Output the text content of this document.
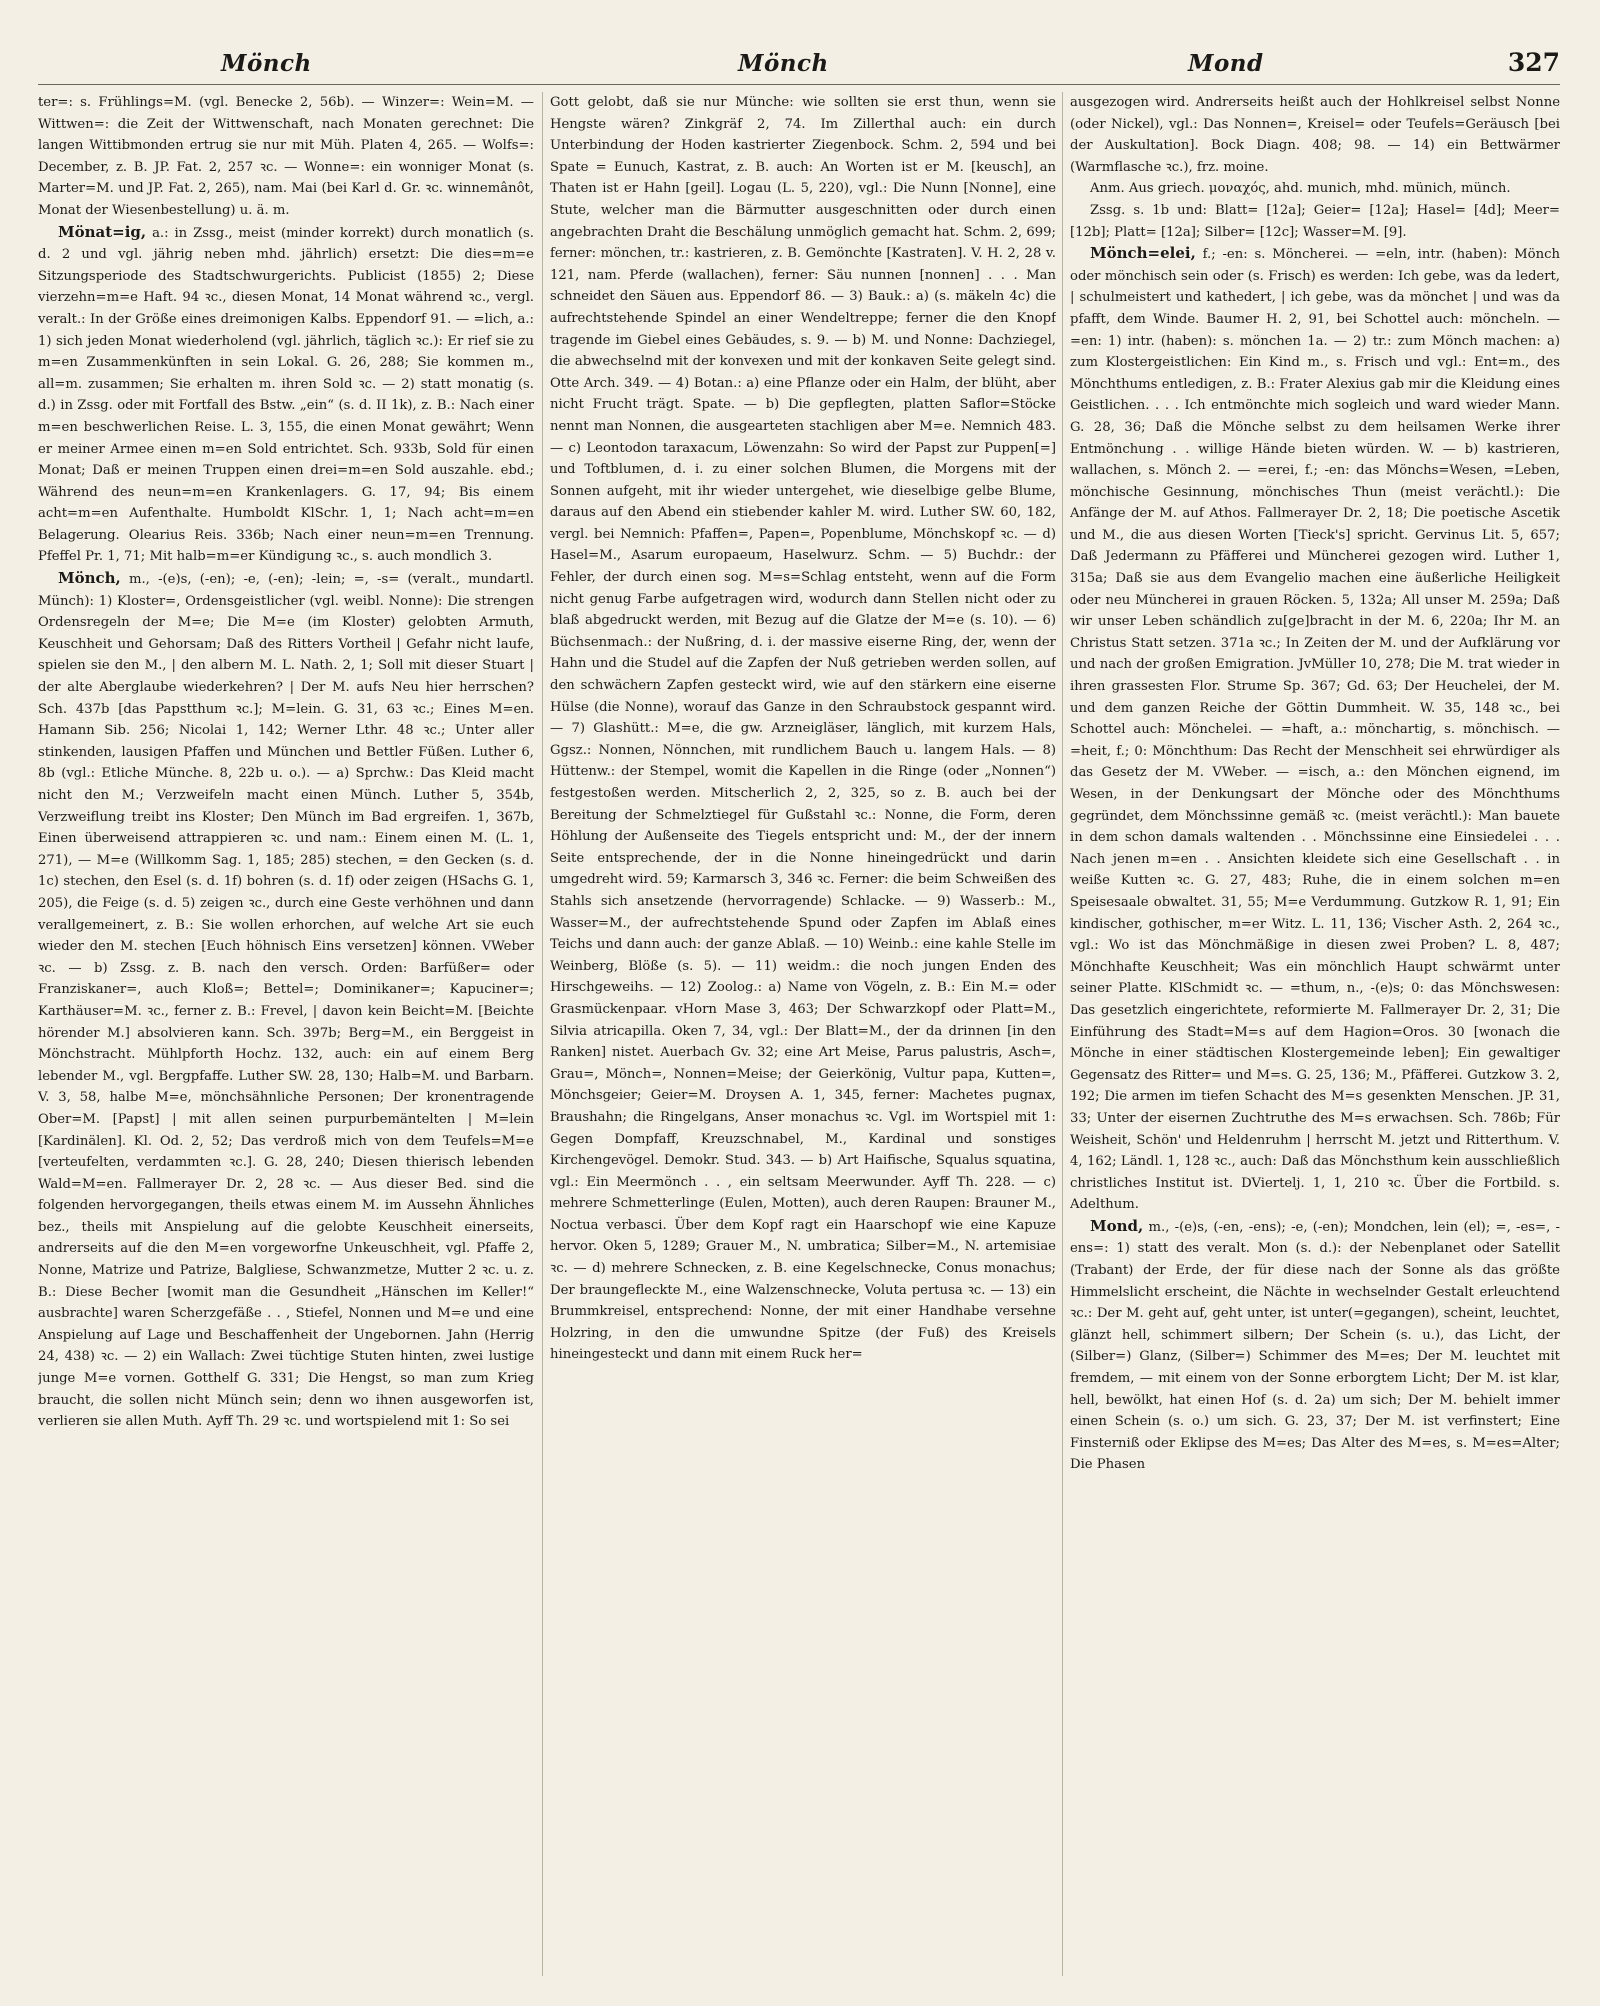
Mönch	Mönch	Mond	327

ter=: s. Frühlings=M. (vgl. Benecke 2, 56b). — Winzer=: Wein=M. — Wittwen=: die Zeit der Wittwenschaft, nach Monaten gerechnet: Die langen Wittibmonden ertrug sie nur mit Müh. Platen 4, 265. — Wolfs=: December, z. B. JP. Fat. 2, 257 ꝛc. — Wonne=: ein wonniger Monat (s. Marter=M. und JP. Fat. 2, 265), nam. Mai (bei Karl d. Gr. ꝛc. winnemânôt, Monat der Wiesenbestellung) u. ä. m.

Mönat=ig, a.: in Zssg., meist (minder korrekt) durch monatlich (s. d. 2 und vgl. jährig neben mhd. jährlich) ersetzt: Die dies=m=e Sitzungsperiode des Stadtschwurgerichts. Publicist (1855) 2; Diese vierzehn=m=e Haft. 94 ꝛc., diesen Monat, 14 Monat während ꝛc., vergl. veralt.: In der Größe eines dreimonigen Kalbs. Eppendorf 91. — =lich, a.: 1) sich jeden Monat wiederholend (vgl. jährlich, täglich ꝛc.): Er rief sie zu m=en Zusammenkünften in sein Lokal. G. 26, 288; Sie kommen m., all=m. zusammen; Sie erhalten m. ihren Sold ꝛc. — 2) statt monatig (s. d.) in Zssg. oder mit Fortfall des Bstw. „ein“ (s. d. II 1k), z. B.: Nach einer m=en beschwerlichen Reise. L. 3, 155, die einen Monat gewährt; Wenn er meiner Armee einen m=en Sold entrichtet. Sch. 933b, Sold für einen Monat; Daß er meinen Truppen einen drei=m=en Sold auszahle. ebd.; Während des neun=m=en Krankenlagers. G. 17, 94; Bis einem acht=m=en Aufenthalte. Humboldt KlSchr. 1, 1; Nach acht=m=en Belagerung. Olearius Reis. 336b; Nach einer neun=m=en Trennung. Pfeffel Pr. 1, 71; Mit halb=m=er Kündigung ꝛc., s. auch mondlich 3.

Mönch, m., -(e)s, (-en); -e, (-en); -lein; =, -s= (veralt., mundartl. Münch): 1) Kloster=, Ordensgeistlicher (vgl. weibl. Nonne): Die strengen Ordensregeln der M=e; Die M=e (im Kloster) gelobten Armuth, Keuschheit und Gehorsam; Daß des Ritters Vortheil | Gefahr nicht laufe, spielen sie den M., | den albern M. L. Nath. 2, 1; Soll mit dieser Stuart | der alte Aberglaube wiederkehren? | Der M. aufs Neu hier herrschen? Sch. 437b [das Papstthum ꝛc.]; M=lein. G. 31, 63 ꝛc.; Eines M=en. Hamann Sib. 256; Nicolai 1, 142; Werner Lthr. 48 ꝛc.; Unter aller stinkenden, lausigen Pfaffen und München und Bettler Füßen. Luther 6, 8b (vgl.: Etliche Münche. 8, 22b u. o.). — a) Sprchw.: Das Kleid macht nicht den M.; Verzweifeln macht einen Münch. Luther 5, 354b, Verzweiflung treibt ins Kloster; Den Münch im Bad ergreifen. 1, 367b, Einen überweisend attrappieren ꝛc. und nam.: Einem einen M. (L. 1, 271), — M=e (Willkomm Sag. 1, 185; 285) stechen, = den Gecken (s. d. 1c) stechen, den Esel (s. d. 1f) bohren (s. d. 1f) oder zeigen (HSachs G. 1, 205), die Feige (s. d. 5) zeigen ꝛc., durch eine Geste verhöhnen und dann verallgemeinert, z. B.: Sie wollen erhorchen, auf welche Art sie euch wieder den M. stechen [Euch höhnisch Eins versetzen] können. VWeber ꝛc. — b) Zssg. z. B. nach den versch. Orden: Barfüßer= oder Franziskaner=, auch Kloß=; Bettel=; Dominikaner=; Kapuciner=; Karthäuser=M. ꝛc., ferner z. B.: Frevel, | davon kein Beicht=M. [Beichte hörender M.] absolvieren kann. Sch. 397b; Berg=M., ein Berggeist in Mönchstracht. Mühlpforth Hochz. 132, auch: ein auf einem Berg lebender M., vgl. Bergpfaffe. Luther SW. 28, 130; Halb=M. und Barbarn. V. 3, 58, halbe M=e, mönchsähnliche Personen; Der kronentragende Ober=M. [Papst] | mit allen seinen purpurbemäntelten | M=lein [Kardinälen]. Kl. Od. 2, 52; Das verdroß mich von dem Teufels=M=e [verteufelten, verdammten ꝛc.]. G. 28, 240; Diesen thierisch lebenden Wald=M=en. Fallmerayer Dr. 2, 28 ꝛc. — Aus dieser Bed. sind die folgenden hervorgegangen, theils etwas einem M. im Aussehn Ähnliches bez., theils mit Anspielung auf die gelobte Keuschheit einerseits, andrerseits auf die den M=en vorgeworfne Unkeuschheit, vgl. Pfaffe 2, Nonne, Matrize und Patrize, Balgliese, Schwanzmetze, Mutter 2 ꝛc. u. z. B.: Diese Becher [womit man die Gesundheit „Hänschen im Keller!“ ausbrachte] waren Scherzgefäße . . , Stiefel, Nonnen und M=e und eine Anspielung auf Lage und Beschaffenheit der Ungebornen. Jahn (Herrig 24, 438) ꝛc. — 2) ein Wallach: Zwei tüchtige Stuten hinten, zwei lustige junge M=e vornen. Gotthelf G. 331; Die Hengst, so man zum Krieg braucht, die sollen nicht Münch sein; denn wo ihnen ausgeworfen ist, verlieren sie allen Muth. Ayff Th. 29 ꝛc. und wortspielend mit 1: So sei

Gott gelobt, daß sie nur Münche: wie sollten sie erst thun, wenn sie Hengste wären? Zinkgräf 2, 74. Im Zillerthal auch: ein durch Unterbindung der Hoden kastrierter Ziegenbock. Schm. 2, 594 und bei Spate = Eunuch, Kastrat, z. B. auch: An Worten ist er M. [keusch], an Thaten ist er Hahn [geil]. Logau (L. 5, 220), vgl.: Die Nunn [Nonne], eine Stute, welcher man die Bärmutter ausgeschnitten oder durch einen angebrachten Draht die Beschälung unmöglich gemacht hat. Schm. 2, 699; ferner: mönchen, tr.: kastrieren, z. B. Gemönchte [Kastraten]. V. H. 2, 28 v. 121, nam. Pferde (wallachen), ferner: Säu nunnen [nonnen] . . . Man schneidet den Säuen aus. Eppendorf 86. — 3) Bauk.: a) (s. mäkeln 4c) die aufrechtstehende Spindel an einer Wendeltreppe; ferner die den Knopf tragende im Giebel eines Gebäudes, s. 9. — b) M. und Nonne: Dachziegel, die abwechselnd mit der konvexen und mit der konkaven Seite gelegt sind. Otte Arch. 349. — 4) Botan.: a) eine Pflanze oder ein Halm, der blüht, aber nicht Frucht trägt. Spate. — b) Die gepflegten, platten Saflor=Stöcke nennt man Nonnen, die ausgearteten stachligen aber M=e. Nemnich 483. — c) Leontodon taraxacum, Löwenzahn: So wird der Papst zur Puppen[=] und Toftblumen, d. i. zu einer solchen Blumen, die Morgens mit der Sonnen aufgeht, mit ihr wieder untergehet, wie dieselbige gelbe Blume, daraus auf den Abend ein stiebender kahler M. wird. Luther SW. 60, 182, vergl. bei Nemnich: Pfaffen=, Papen=, Popenblume, Mönchskopf ꝛc. — d) Hasel=M., Asarum europaeum, Haselwurz. Schm. — 5) Buchdr.: der Fehler, der durch einen sog. M=s=Schlag entsteht, wenn auf die Form nicht genug Farbe aufgetragen wird, wodurch dann Stellen nicht oder zu blaß abgedruckt werden, mit Bezug auf die Glatze der M=e (s. 10). — 6) Büchsenmach.: der Nußring, d. i. der massive eiserne Ring, der, wenn der Hahn und die Studel auf die Zapfen der Nuß getrieben werden sollen, auf den schwächern Zapfen gesteckt wird, wie auf den stärkern eine eiserne Hülse (die Nonne), worauf das Ganze in den Schraubstock gespannt wird. — 7) Glashütt.: M=e, die gw. Arzneigläser, länglich, mit kurzem Hals, Ggsz.: Nonnen, Nönnchen, mit rundlichem Bauch u. langem Hals. — 8) Hüttenw.: der Stempel, womit die Kapellen in die Ringe (oder „Nonnen“) festgestoßen werden. Mitscherlich 2, 2, 325, so z. B. auch bei der Bereitung der Schmelztiegel für Gußstahl ꝛc.: Nonne, die Form, deren Höhlung der Außenseite des Tiegels entspricht und: M., der der innern Seite entsprechende, der in die Nonne hineingedrückt und darin umgedreht wird. 59; Karmarsch 3, 346 ꝛc. Ferner: die beim Schweißen des Stahls sich ansetzende (hervorragende) Schlacke. — 9) Wasserb.: M., Wasser=M., der aufrechtstehende Spund oder Zapfen im Ablaß eines Teichs und dann auch: der ganze Ablaß. — 10) Weinb.: eine kahle Stelle im Weinberg, Blöße (s. 5). — 11) weidm.: die noch jungen Enden des Hirschgeweihs. — 12) Zoolog.: a) Name von Vögeln, z. B.: Ein M.= oder Grasmückenpaar. vHorn Mase 3, 463; Der Schwarzkopf oder Platt=M., Silvia atricapilla. Oken 7, 34, vgl.: Der Blatt=M., der da drinnen [in den Ranken] nistet. Auerbach Gv. 32; eine Art Meise, Parus palustris, Asch=, Grau=, Mönch=, Nonnen=Meise; der Geierkönig, Vultur papa, Kutten=, Mönchsgeier; Geier=M. Droysen A. 1, 345, ferner: Machetes pugnax, Braushahn; die Ringelgans, Anser monachus ꝛc. Vgl. im Wortspiel mit 1: Gegen Dompfaff, Kreuzschnabel, M., Kardinal und sonstiges Kirchengevögel. Demokr. Stud. 343. — b) Art Haifische, Squalus squatina, vgl.: Ein Meermönch . . , ein seltsam Meerwunder. Ayff Th. 228. — c) mehrere Schmetterlinge (Eulen, Motten), auch deren Raupen: Brauner M., Noctua verbasci. Über dem Kopf ragt ein Haarschopf wie eine Kapuze hervor. Oken 5, 1289; Grauer M., N. umbratica; Silber=M., N. artemisiae ꝛc. — d) mehrere Schnecken, z. B. eine Kegelschnecke, Conus monachus; Der braungefleckte M., eine Walzenschnecke, Voluta pertusa ꝛc. — 13) ein Brummkreisel, entsprechend: Nonne, der mit einer Handhabe versehne Holzring, in den die umwundne Spitze (der Fuß) des Kreisels hineingesteckt und dann mit einem Ruck her=

ausgezogen wird. Andrerseits heißt auch der Hohlkreisel selbst Nonne (oder Nickel), vgl.: Das Nonnen=, Kreisel= oder Teufels=Geräusch [bei der Auskultation]. Bock Diagn. 408; 98. — 14) ein Bettwärmer (Warmflasche ꝛc.), frz. moine.

Anm. Aus griech. μοναχός, ahd. munich, mhd. münich, münch.

Zssg. s. 1b und: Blatt= [12a]; Geier= [12a]; Hasel= [4d]; Meer= [12b]; Platt= [12a]; Silber= [12c]; Wasser=M. [9].

Mönch=elei, f.; -en: s. Möncherei. — =eln, intr. (haben): Mönch oder mönchisch sein oder (s. Frisch) es werden: Ich gebe, was da ledert, | schulmeistert und kathedert, | ich gebe, was da mönchet | und was da pfafft, dem Winde. Baumer H. 2, 91, bei Schottel auch: möncheln. — =en: 1) intr. (haben): s. mönchen 1a. — 2) tr.: zum Mönch machen: a) zum Klostergeistlichen: Ein Kind m., s. Frisch und vgl.: Ent=m., des Mönchthums entledigen, z. B.: Frater Alexius gab mir die Kleidung eines Geistlichen. . . . Ich entmönchte mich sogleich und ward wieder Mann. G. 28, 36; Daß die Mönche selbst zu dem heilsamen Werke ihrer Entmönchung . . willige Hände bieten würden. W. — b) kastrieren, wallachen, s. Mönch 2. — =erei, f.; -en: das Mönchs=Wesen, =Leben, mönchische Gesinnung, mönchisches Thun (meist verächtl.): Die Anfänge der M. auf Athos. Fallmerayer Dr. 2, 18; Die poetische Ascetik und M., die aus diesen Worten [Tieck's] spricht. Gervinus Lit. 5, 657; Daß Jedermann zu Pfäfferei und Müncherei gezogen wird. Luther 1, 315a; Daß sie aus dem Evangelio machen eine äußerliche Heiligkeit oder neu Müncherei in grauen Röcken. 5, 132a; All unser M. 259a; Daß wir unser Leben schändlich zu[ge]bracht in der M. 6, 220a; Ihr M. an Christus Statt setzen. 371a ꝛc.; In Zeiten der M. und der Aufklärung vor und nach der großen Emigration. JvMüller 10, 278; Die M. trat wieder in ihren grassesten Flor. Strume Sp. 367; Gd. 63; Der Heuchelei, der M. und dem ganzen Reiche der Göttin Dummheit. W. 35, 148 ꝛc., bei Schottel auch: Mönchelei. — =haft, a.: mönchartig, s. mönchisch. — =heit, f.; 0: Mönchthum: Das Recht der Menschheit sei ehrwürdiger als das Gesetz der M. VWeber. — =isch, a.: den Mönchen eignend, im Wesen, in der Denkungsart der Mönche oder des Mönchthums gegründet, dem Mönchssinne gemäß ꝛc. (meist verächtl.): Man bauete in dem schon damals waltenden . . Mönchssinne eine Einsiedelei . . . Nach jenen m=en . . Ansichten kleidete sich eine Gesellschaft . . in weiße Kutten ꝛc. G. 27, 483; Ruhe, die in einem solchen m=en Speisesaale obwaltet. 31, 55; M=e Verdummung. Gutzkow R. 1, 91; Ein kindischer, gothischer, m=er Witz. L. 11, 136; Vischer Asth. 2, 264 ꝛc., vgl.: Wo ist das Mönchmäßige in diesen zwei Proben? L. 8, 487; Mönchhafte Keuschheit; Was ein mönchlich Haupt schwärmt unter seiner Platte. KlSchmidt ꝛc. — =thum, n., -(e)s; 0: das Mönchswesen: Das gesetzlich eingerichtete, reformierte M. Fallmerayer Dr. 2, 31; Die Einführung des Stadt=M=s auf dem Hagion=Oros. 30 [wonach die Mönche in einer städtischen Klostergemeinde leben]; Ein gewaltiger Gegensatz des Ritter= und M=s. G. 25, 136; M., Pfäfferei. Gutzkow 3. 2, 192; Die armen im tiefen Schacht des M=s gesenkten Menschen. JP. 31, 33; Unter der eisernen Zuchtruthe des M=s erwachsen. Sch. 786b; Für Weisheit, Schön' und Heldenruhm | herrscht M. jetzt und Ritterthum. V. 4, 162; Ländl. 1, 128 ꝛc., auch: Daß das Mönchsthum kein ausschließlich christliches Institut ist. DViertelj. 1, 1, 210 ꝛc. Über die Fortbild. s. Adelthum.

Mond, m., -(e)s, (-en, -ens); -e, (-en); Mondchen, lein (el); =, -es=, -ens=: 1) statt des veralt. Mon (s. d.): der Nebenplanet oder Satellit (Trabant) der Erde, der für diese nach der Sonne als das größte Himmelslicht erscheint, die Nächte in wechselnder Gestalt erleuchtend ꝛc.: Der M. geht auf, geht unter, ist unter(=gegangen), scheint, leuchtet, glänzt hell, schimmert silbern; Der Schein (s. u.), das Licht, der (Silber=) Glanz, (Silber=) Schimmer des M=es; Der M. leuchtet mit fremdem, — mit einem von der Sonne erborgtem Licht; Der M. ist klar, hell, bewölkt, hat einen Hof (s. d. 2a) um sich; Der M. behielt immer einen Schein (s. o.) um sich. G. 23, 37; Der M. ist verfinstert; Eine Finsterniß oder Eklipse des M=es; Das Alter des M=es, s. M=es=Alter; Die Phasen
